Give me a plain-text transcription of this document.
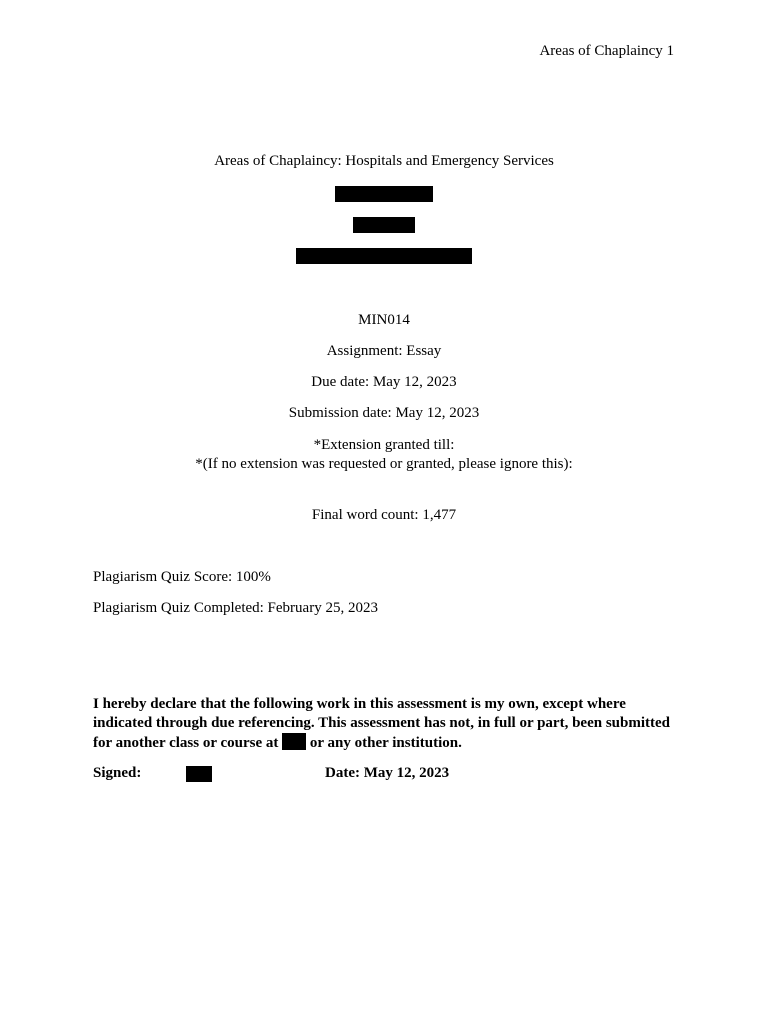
Areas of Chaplaincy 1
Areas of Chaplaincy: Hospitals and Emergency Services
MIN014
Assignment: Essay
Due date: May 12, 2023
Submission date: May 12, 2023
*Extension granted till:
*(If no extension was requested or granted, please ignore this):
Final word count: 1,477
Plagiarism Quiz Score: 100%
Plagiarism Quiz Completed: February 25, 2023
I hereby declare that the following work in this assessment is my own, except where indicated through due referencing. This assessment has not, in full or part, been submitted for another class or course at or any other institution.
Signed:	Date: May 12, 2023
